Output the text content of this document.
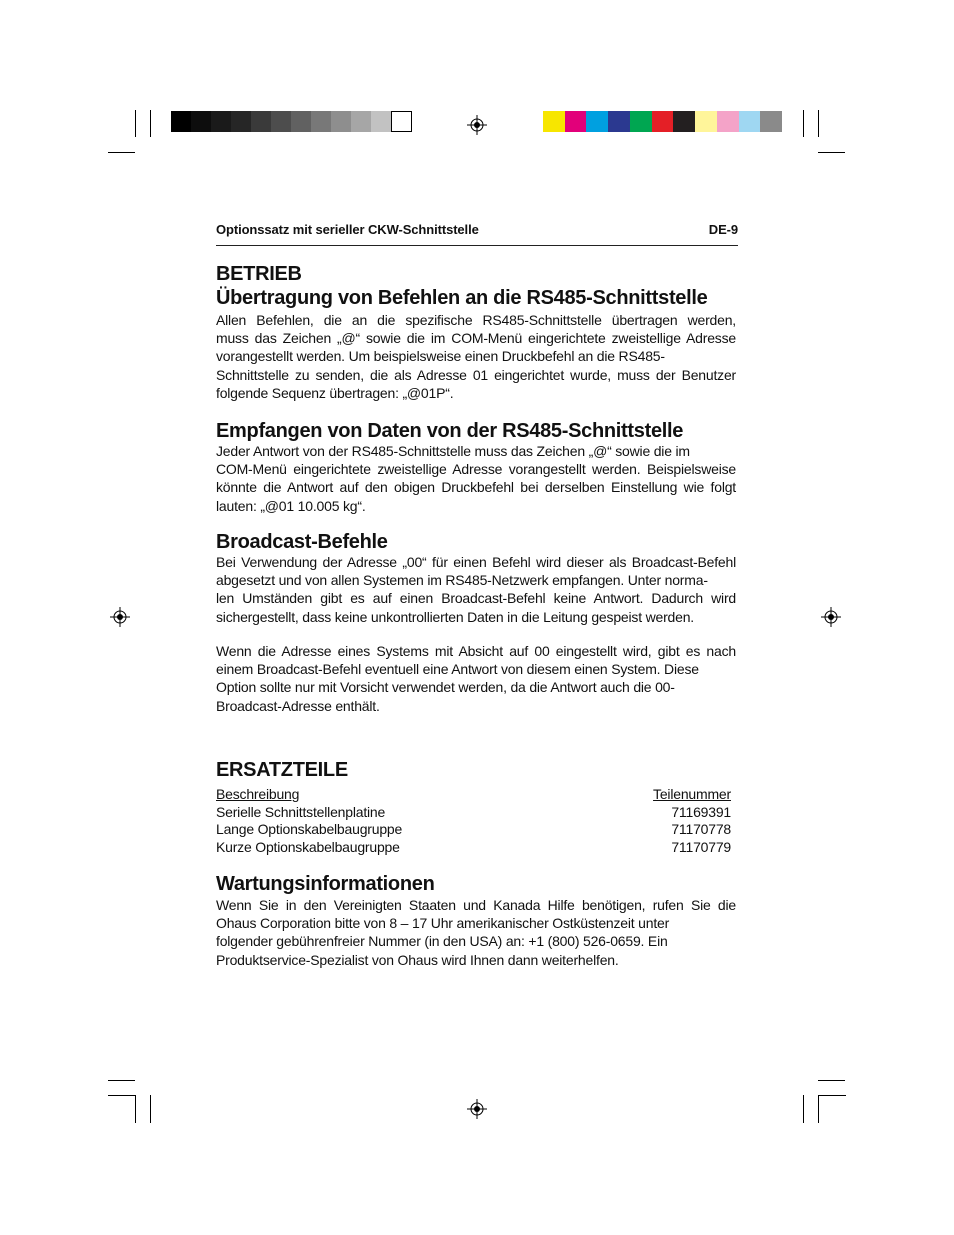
Optionssatz mit serieller CKW-Schnittstelle	DE-9
BETRIEB
Übertragung von Befehlen an die RS485-Schnittstelle
Allen Befehlen, die an die spezifische RS485-Schnittstelle übertragen werden,
muss das Zeichen „@“ sowie die im COM-Menü eingerichtete zweistellige Adresse
vorangestellt werden. Um beispielsweise einen Druckbefehl an die RS485-
Schnittstelle zu senden, die als Adresse 01 eingerichtet wurde, muss der Benutzer
folgende Sequenz übertragen: „@01P“.
Empfangen von Daten von der RS485-Schnittstelle
Jeder Antwort von der RS485-Schnittstelle muss das Zeichen „@“ sowie die im
COM-Menü eingerichtete zweistellige Adresse vorangestellt werden. Beispielsweise
könnte die Antwort auf den obigen Druckbefehl bei derselben Einstellung wie folgt
lauten: „@01 10.005 kg“.
Broadcast-Befehle
Bei Verwendung der Adresse „00“ für einen Befehl wird dieser als Broadcast-Befehl
abgesetzt und von allen Systemen im RS485-Netzwerk empfangen. Unter norma-
len Umständen gibt es auf einen Broadcast-Befehl keine Antwort. Dadurch wird
sichergestellt, dass keine unkontrollierten Daten in die Leitung gespeist werden.
Wenn die Adresse eines Systems mit Absicht auf 00 eingestellt wird, gibt es nach
einem Broadcast-Befehl eventuell eine Antwort von diesem einen System. Diese
Option sollte nur mit Vorsicht verwendet werden, da die Antwort auch die 00-
Broadcast-Adresse enthält.
ERSATZTEILE
Beschreibung	Teilenummer
Serielle Schnittstellenplatine	71169391
Lange Optionskabelbaugruppe	71170778
Kurze Optionskabelbaugruppe	71170779
Wartungsinformationen
Wenn Sie in den Vereinigten Staaten und Kanada Hilfe benötigen, rufen Sie die
Ohaus Corporation bitte von 8 – 17 Uhr amerikanischer Ostküstenzeit unter
folgender gebührenfreier Nummer (in den USA) an: +1 (800) 526-0659. Ein
Produktservice-Spezialist von Ohaus wird Ihnen dann weiterhelfen.
